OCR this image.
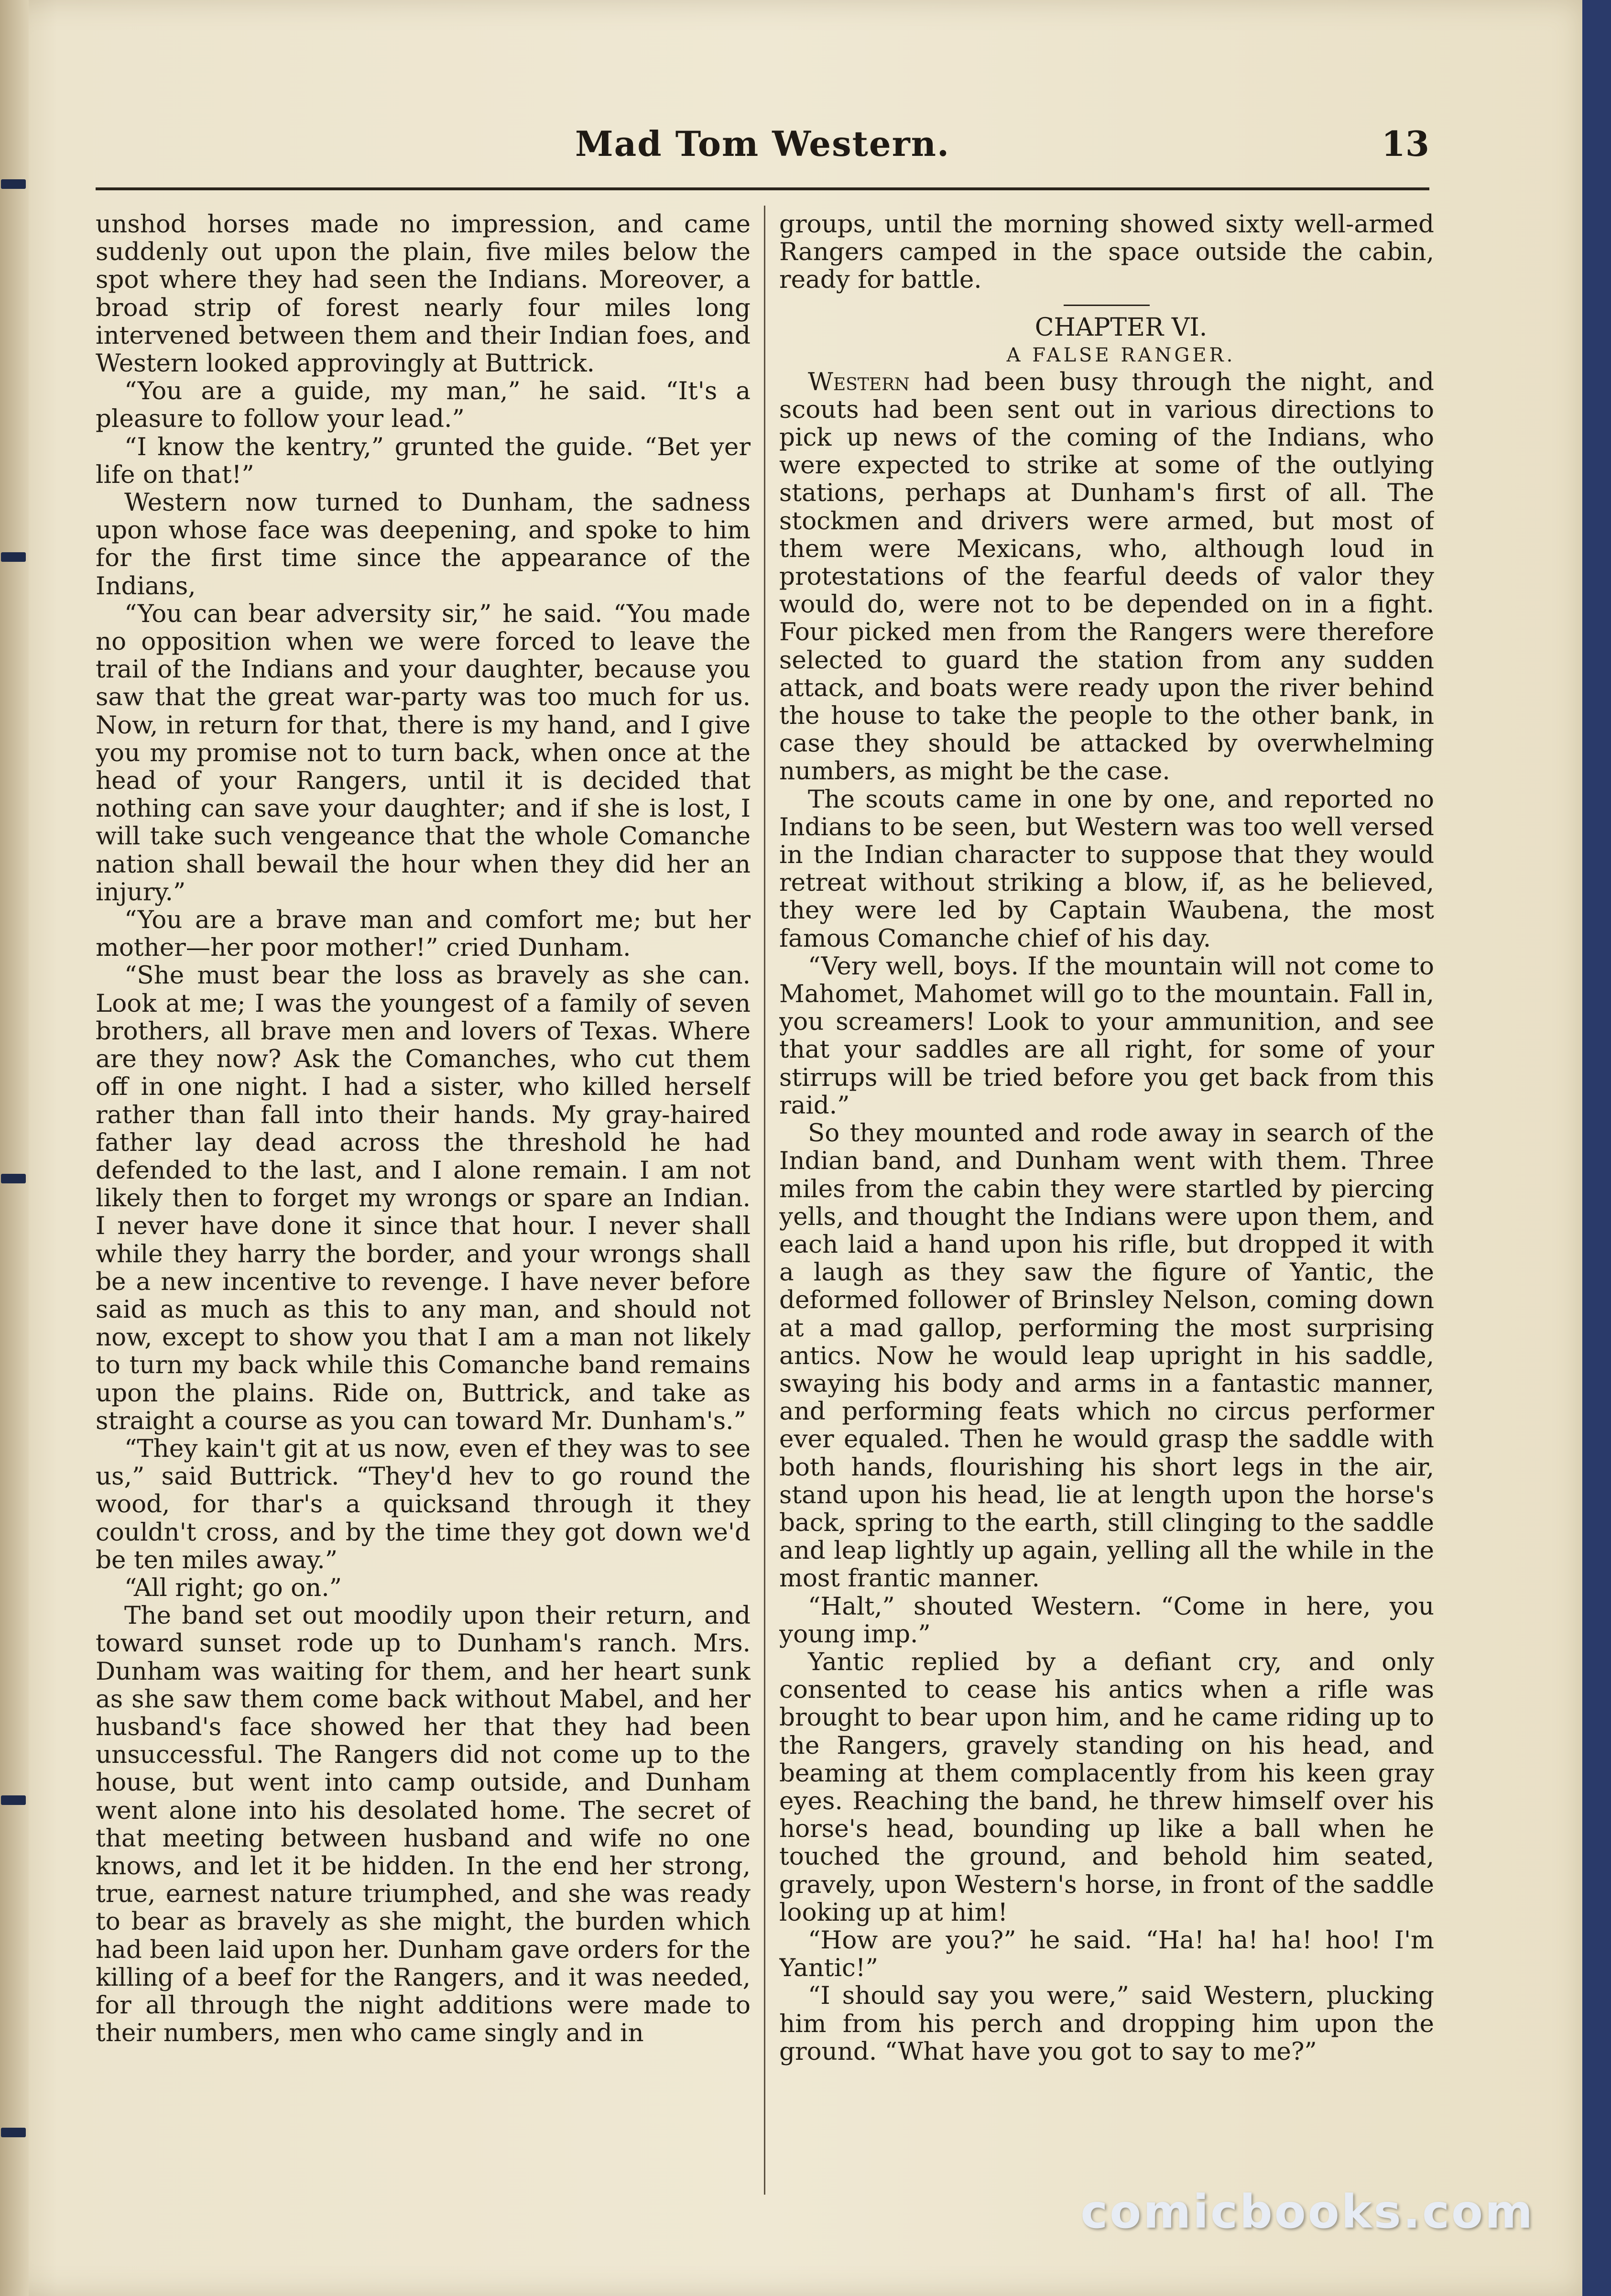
Mad Tom Western.	13

unshod horses made no impression, and came suddenly out upon the plain, five miles below the spot where they had seen the Indians. Moreover, a broad strip of forest nearly four miles long intervened between them and their Indian foes, and Western looked approvingly at Buttrick.

“You are a guide, my man,” he said. “It's a pleasure to follow your lead.”

“I know the kentry,” grunted the guide. “Bet yer life on that!”

Western now turned to Dunham, the sadness upon whose face was deepening, and spoke to him for the first time since the appearance of the Indians,

“You can bear adversity sir,” he said. “You made no opposition when we were forced to leave the trail of the Indians and your daughter, because you saw that the great war-party was too much for us. Now, in return for that, there is my hand, and I give you my promise not to turn back, when once at the head of your Rangers, until it is decided that nothing can save your daughter; and if she is lost, I will take such vengeance that the whole Comanche nation shall bewail the hour when they did her an injury.”

“You are a brave man and comfort me; but her mother—her poor mother!” cried Dunham.

“She must bear the loss as bravely as she can. Look at me; I was the youngest of a family of seven brothers, all brave men and lovers of Texas. Where are they now? Ask the Comanches, who cut them off in one night. I had a sister, who killed herself rather than fall into their hands. My gray-haired father lay dead across the threshold he had defended to the last, and I alone remain. I am not likely then to forget my wrongs or spare an Indian. I never have done it since that hour. I never shall while they harry the border, and your wrongs shall be a new incentive to revenge. I have never before said as much as this to any man, and should not now, except to show you that I am a man not likely to turn my back while this Comanche band remains upon the plains. Ride on, Buttrick, and take as straight a course as you can toward Mr. Dunham's.”

“They kain't git at us now, even ef they was to see us,” said Buttrick. “They'd hev to go round the wood, for thar's a quicksand through it they couldn't cross, and by the time they got down we'd be ten miles away.”

“All right; go on.”

The band set out moodily upon their return, and toward sunset rode up to Dunham's ranch. Mrs. Dunham was waiting for them, and her heart sunk as she saw them come back without Mabel, and her husband's face showed her that they had been unsuccessful. The Rangers did not come up to the house, but went into camp outside, and Dunham went alone into his desolated home. The secret of that meeting between husband and wife no one knows, and let it be hidden. In the end her strong, true, earnest nature triumphed, and she was ready to bear as bravely as she might, the burden which had been laid upon her. Dunham gave orders for the killing of a beef for the Rangers, and it was needed, for all through the night additions were made to their numbers, men who came singly and in

groups, until the morning showed sixty well-armed Rangers camped in the space outside the cabin, ready for battle.

CHAPTER VI.

A FALSE RANGER.

Western had been busy through the night, and scouts had been sent out in various directions to pick up news of the coming of the Indians, who were expected to strike at some of the outlying stations, perhaps at Dunham's first of all. The stockmen and drivers were armed, but most of them were Mexicans, who, although loud in protestations of the fearful deeds of valor they would do, were not to be depended on in a fight. Four picked men from the Rangers were therefore selected to guard the station from any sudden attack, and boats were ready upon the river behind the house to take the people to the other bank, in case they should be attacked by overwhelming numbers, as might be the case.

The scouts came in one by one, and reported no Indians to be seen, but Western was too well versed in the Indian character to suppose that they would retreat without striking a blow, if, as he believed, they were led by Captain Waubena, the most famous Comanche chief of his day.

“Very well, boys. If the mountain will not come to Mahomet, Mahomet will go to the mountain. Fall in, you screamers! Look to your ammunition, and see that your saddles are all right, for some of your stirrups will be tried before you get back from this raid.”

So they mounted and rode away in search of the Indian band, and Dunham went with them. Three miles from the cabin they were startled by piercing yells, and thought the Indians were upon them, and each laid a hand upon his rifle, but dropped it with a laugh as they saw the figure of Yantic, the deformed follower of Brinsley Nelson, coming down at a mad gallop, performing the most surprising antics. Now he would leap upright in his saddle, swaying his body and arms in a fantastic manner, and performing feats which no circus performer ever equaled. Then he would grasp the saddle with both hands, flourishing his short legs in the air, stand upon his head, lie at length upon the horse's back, spring to the earth, still clinging to the saddle and leap lightly up again, yelling all the while in the most frantic manner.

“Halt,” shouted Western. “Come in here, you young imp.”

Yantic replied by a defiant cry, and only consented to cease his antics when a rifle was brought to bear upon him, and he came riding up to the Rangers, gravely standing on his head, and beaming at them complacently from his keen gray eyes. Reaching the band, he threw himself over his horse's head, bounding up like a ball when he touched the ground, and behold him seated, gravely, upon Western's horse, in front of the saddle looking up at him!

“How are you?” he said. “Ha! ha! ha! hoo! I'm Yantic!”

“I should say you were,” said Western, plucking him from his perch and dropping him upon the ground. “What have you got to say to me?”

comicbooks.com
